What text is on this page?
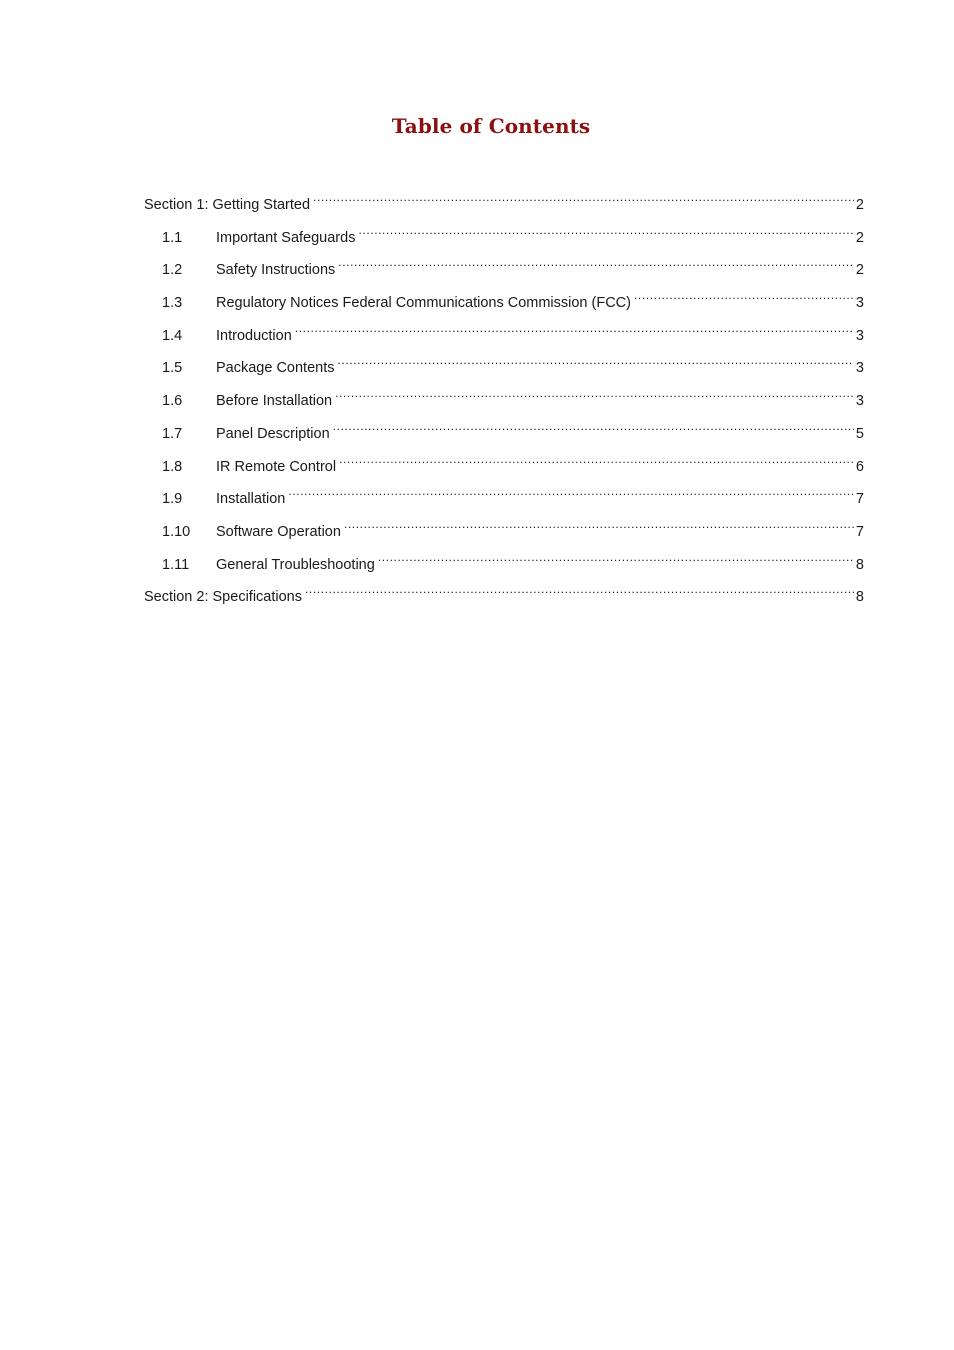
Table of Contents
Section 1: Getting Started .....	2
1.1	Important Safeguards .....	2
1.2	Safety Instructions .....	2
1.3	Regulatory Notices Federal Communications Commission (FCC) .....	3
1.4	Introduction .....	3
1.5	Package Contents .....	3
1.6	Before Installation .....	3
1.7	Panel Description .....	5
1.8	IR Remote Control .....	6
1.9	Installation .....	7
1.10	Software Operation .....	7
1.11	General Troubleshooting .....	8
Section 2: Specifications .....	8
